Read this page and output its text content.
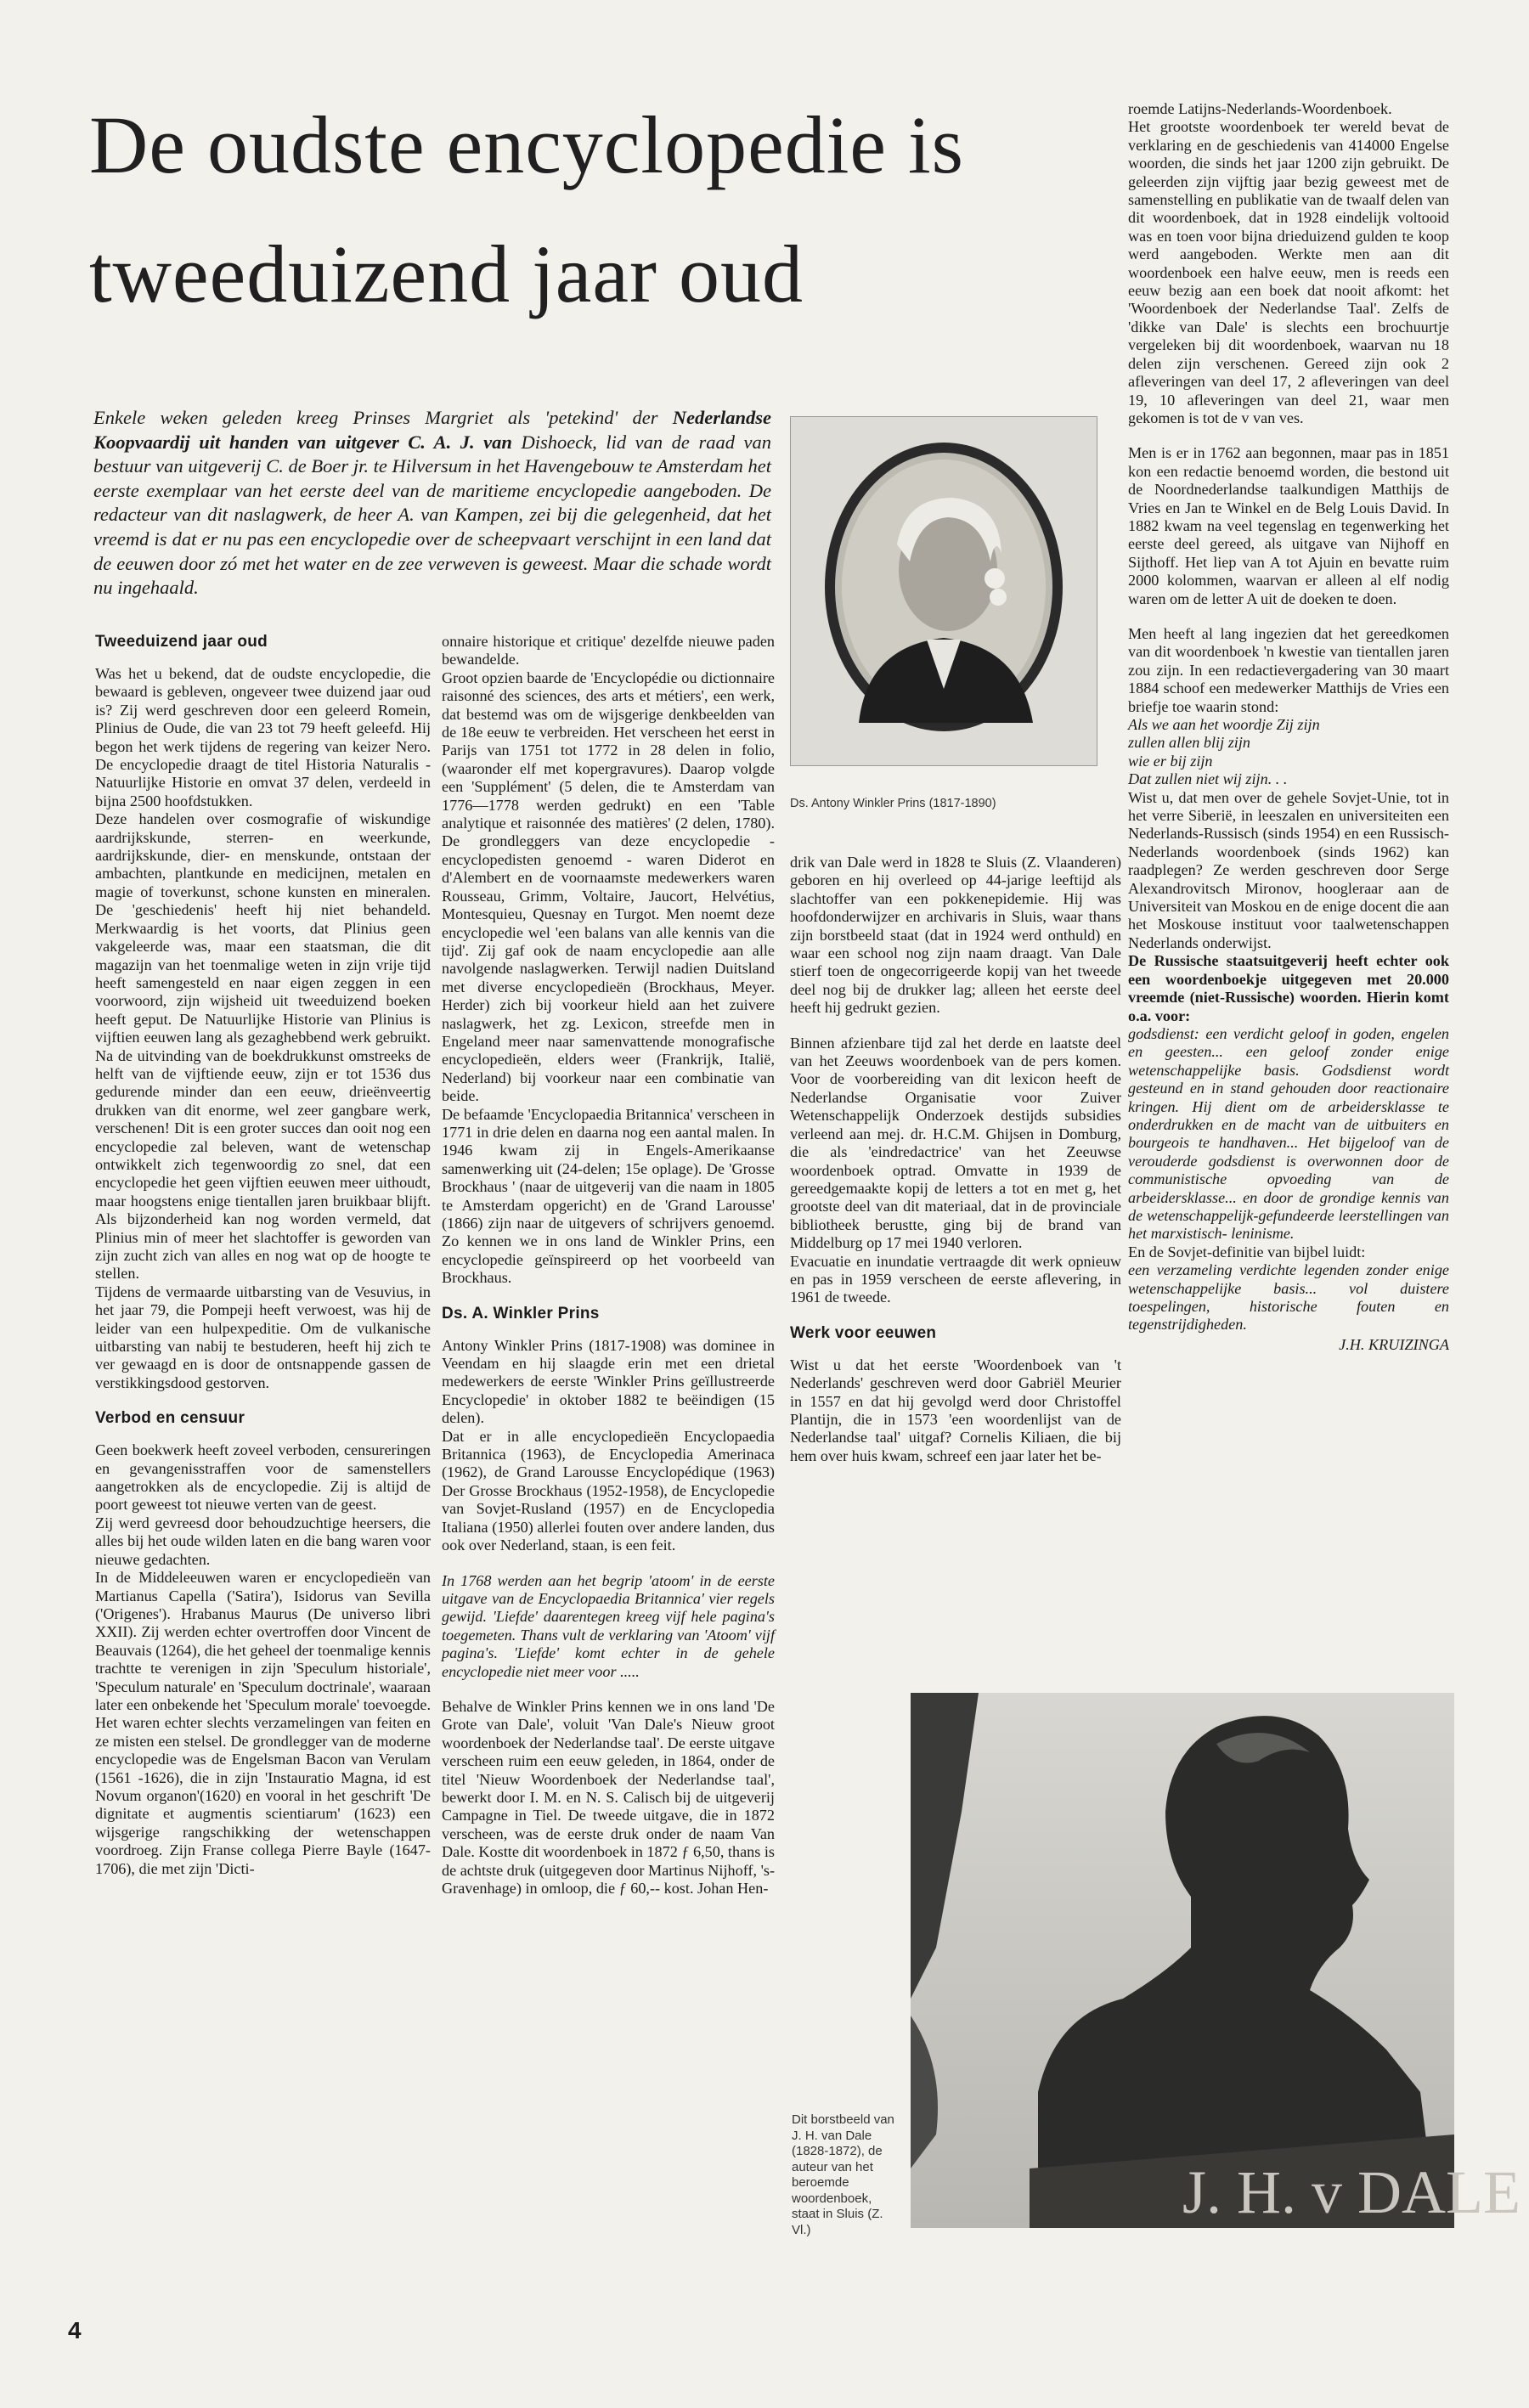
De oudste encyclopedie is
tweeduizend jaar oud
Enkele weken geleden kreeg Prinses Margriet als 'petekind' der Nederlandse Koopvaardij uit handen van uitgever C. A. J. van Dishoeck, lid van de raad van bestuur van uitgeverij C. de Boer jr. te Hilversum in het Havengebouw te Amsterdam het eerste exemplaar van het eerste deel van de maritieme encyclopedie aangeboden. De redacteur van dit naslagwerk, de heer A. van Kampen, zei bij die gelegenheid, dat het vreemd is dat er nu pas een encyclopedie over de scheepvaart verschijnt in een land dat de eeuwen door zó met het water en de zee verweven is geweest. Maar die schade wordt nu ingehaald.
Tweeduizend jaar oud

Was het u bekend, dat de oudste encyclopedie, die bewaard is gebleven, ongeveer twee duizend jaar oud is? Zij werd geschreven door een geleerd Romein, Plinius de Oude, die van 23 tot 79 heeft geleefd. Hij begon het werk tijdens de regering van keizer Nero. De encyclopedie draagt de titel Historia Naturalis - Natuurlijke Historie en omvat 37 delen, verdeeld in bijna 2500 hoofdstukken.

Deze handelen over cosmografie of wiskundige aardrijkskunde, sterren- en weerkunde, aardrijkskunde, dier- en menskunde, ontstaan der ambachten, plantkunde en medicijnen, metalen en magie of toverkunst, schone kunsten en mineralen. De 'geschiedenis' heeft hij niet behandeld. Merkwaardig is het voorts, dat Plinius geen vakgeleerde was, maar een staatsman, die dit magazijn van het toenmalige weten in zijn vrije tijd heeft samengesteld en naar eigen zeggen in een voorwoord, zijn wijsheid uit tweeduizend boeken heeft geput. De Natuurlijke Historie van Plinius is vijftien eeuwen lang als gezaghebbend werk gebruikt. Na de uitvinding van de boekdrukkunst omstreeks de helft van de vijftiende eeuw, zijn er tot 1536 dus gedurende minder dan een eeuw, drieënveertig drukken van dit enorme, wel zeer gangbare werk, verschenen! Dit is een groter succes dan ooit nog een encyclopedie zal beleven, want de wetenschap ontwikkelt zich tegenwoordig zo snel, dat een encyclopedie het geen vijftien eeuwen meer uithoudt, maar hoogstens enige tientallen jaren bruikbaar blijft. Als bijzonderheid kan nog worden vermeld, dat Plinius min of meer het slachtoffer is geworden van zijn zucht zich van alles en nog wat op de hoogte te stellen.

Tijdens de vermaarde uitbarsting van de Vesuvius, in het jaar 79, die Pompeji heeft verwoest, was hij de leider van een hulpexpeditie. Om de vulkanische uitbarsting van nabij te bestuderen, heeft hij zich te ver gewaagd en is door de ontsnappende gassen de verstikkingsdood gestorven.

Verbod en censuur

Geen boekwerk heeft zoveel verboden, censureringen en gevangenisstraffen voor de samenstellers aangetrokken als de encyclopedie. Zij is altijd de poort geweest tot nieuwe verten van de geest.

Zij werd gevreesd door behoudzuchtige heersers, die alles bij het oude wilden laten en die bang waren voor nieuwe gedachten.

In de Middeleeuwen waren er encyclopedieën van Martianus Capella ('Satira'), Isidorus van Sevilla ('Origenes'). Hrabanus Maurus (De universo libri XXII). Zij werden echter overtroffen door Vincent de Beauvais (1264), die het geheel der toenmalige kennis trachtte te verenigen in zijn 'Speculum historiale', 'Speculum naturale' en 'Speculum doctrinale', waaraan later een onbekende het 'Speculum morale' toevoegde. Het waren echter slechts verzamelingen van feiten en ze misten een stelsel. De grondlegger van de moderne encyclopedie was de Engelsman Bacon van Verulam (1561 -1626), die in zijn 'Instauratio Magna, id est Novum organon'(1620) en vooral in het geschrift 'De dignitate et augmentis scientiarum' (1623) een wijsgerige rangschikking der wetenschappen voordroeg. Zijn Franse collega Pierre Bayle (1647-1706), die met zijn 'Dicti-

onnaire historique et critique' dezelfde nieuwe paden bewandelde.

Groot opzien baarde de 'Encyclopédie ou dictionnaire raisonné des sciences, des arts et métiers', een werk, dat bestemd was om de wijsgerige denkbeelden van de 18e eeuw te verbreiden. Het verscheen het eerst in Parijs van 1751 tot 1772 in 28 delen in folio, (waaronder elf met kopergravures). Daarop volgde een 'Supplément' (5 delen, die te Amsterdam van 1776—1778 werden gedrukt) en een 'Table analytique et raisonnée des matières' (2 delen, 1780). De grondleggers van deze encyclopedie - encyclopedisten genoemd - waren Diderot en d'Alembert en de voornaamste medewerkers waren Rousseau, Grimm, Voltaire, Jaucort, Helvétius, Montesquieu, Quesnay en Turgot. Men noemt deze encyclopedie wel 'een balans van alle kennis van die tijd'. Zij gaf ook de naam encyclopedie aan alle navolgende naslagwerken. Terwijl nadien Duitsland met diverse encyclopedieën (Brockhaus, Meyer. Herder) zich bij voorkeur hield aan het zuivere naslagwerk, het zg. Lexicon, streefde men in Engeland meer naar samenvattende monografische encyclopedieën, elders weer (Frankrijk, Italië, Nederland) bij voorkeur naar een combinatie van beide.

De befaamde 'Encyclopaedia Britannica' verscheen in 1771 in drie delen en daarna nog een aantal malen. In 1946 kwam zij in Engels-Amerikaanse samenwerking uit (24-delen; 15e oplage). De 'Grosse Brockhaus ' (naar de uitgeverij van die naam in 1805 te Amsterdam opgericht) en de 'Grand Larousse' (1866) zijn naar de uitgevers of schrijvers genoemd. Zo kennen we in ons land de Winkler Prins, een encyclopedie geïnspireerd op het voorbeeld van Brockhaus.

Ds. A. Winkler Prins

Antony Winkler Prins (1817-1908) was dominee in Veendam en hij slaagde erin met een drietal medewerkers de eerste 'Winkler Prins geïllustreerde Encyclopedie' in oktober 1882 te beëindigen (15 delen).

Dat er in alle encyclopedieën Encyclopaedia Britannica (1963), de Encyclopedia Amerinaca (1962), de Grand Larousse Encyclopédique (1963) Der Grosse Brockhaus (1952-1958), de Encyclopedie van Sovjet-Rusland (1957) en de Encyclopedia Italiana (1950) allerlei fouten over andere landen, dus ook over Nederland, staan, is een feit.

In 1768 werden aan het begrip 'atoom' in de eerste uitgave van de Encyclopaedia Britannica' vier regels gewijd. 'Liefde' daarentegen kreeg vijf hele pagina's toegemeten. Thans vult de verklaring van 'Atoom' vijf pagina's. 'Liefde' komt echter in de gehele encyclopedie niet meer voor .....

Behalve de Winkler Prins kennen we in ons land 'De Grote van Dale', voluit 'Van Dale's Nieuw groot woordenboek der Nederlandse taal'. De eerste uitgave verscheen ruim een eeuw geleden, in 1864, onder de titel 'Nieuw Woordenboek der Nederlandse taal', bewerkt door I. M. en N. S. Calisch bij de uitgeverij Campagne in Tiel. De tweede uitgave, die in 1872 verscheen, was de eerste druk onder de naam Van Dale. Kostte dit woordenboek in 1872 ƒ 6,50, thans is de achtste druk (uitgegeven door Martinus Nijhoff, 's-Gravenhage) in omloop, die ƒ 60,-- kost. Johan Hen-

Ds. Antony Winkler Prins (1817-1890)

drik van Dale werd in 1828 te Sluis (Z. Vlaanderen) geboren en hij overleed op 44-jarige leeftijd als slachtoffer van een pokkenepidemie. Hij was hoofdonderwijzer en archivaris in Sluis, waar thans zijn borstbeeld staat (dat in 1924 werd onthuld) en waar een school nog zijn naam draagt. Van Dale stierf toen de ongecorrigeerde kopij van het tweede deel nog bij de drukker lag; alleen het eerste deel heeft hij gedrukt gezien.

Binnen afzienbare tijd zal het derde en laatste deel van het Zeeuws woordenboek van de pers komen. Voor de voorbereiding van dit lexicon heeft de Nederlandse Organisatie voor Zuiver Wetenschappelijk Onderzoek destijds subsidies verleend aan mej. dr. H.C.M. Ghijsen in Domburg, die als 'eindredactrice' van het Zeeuwse woordenboek optrad. Omvatte in 1939 de gereedgemaakte kopij de letters a tot en met g, het grootste deel van dit materiaal, dat in de provinciale bibliotheek berustte, ging bij de brand van Middelburg op 17 mei 1940 verloren.

Evacuatie en inundatie vertraagde dit werk opnieuw en pas in 1959 verscheen de eerste aflevering, in 1961 de tweede.

Werk voor eeuwen

Wist u dat het eerste 'Woordenboek van 't Nederlands' geschreven werd door Gabriël Meurier in 1557 en dat hij gevolgd werd door Christoffel Plantijn, die in 1573 'een woordenlijst van de Nederlandse taal' uitgaf? Cornelis Kiliaen, die bij hem over huis kwam, schreef een jaar later het be-

roemde Latijns-Nederlands-Woordenboek.

Het grootste woordenboek ter wereld bevat de verklaring en de geschiedenis van 414000 Engelse woorden, die sinds het jaar 1200 zijn gebruikt. De geleerden zijn vijftig jaar bezig geweest met de samenstelling en publikatie van de twaalf delen van dit woordenboek, dat in 1928 eindelijk voltooid was en toen voor bijna drieduizend gulden te koop werd aangeboden. Werkte men aan dit woordenboek een halve eeuw, men is reeds een eeuw bezig aan een boek dat nooit afkomt: het 'Woordenboek der Nederlandse Taal'. Zelfs de 'dikke van Dale' is slechts een brochuurtje vergeleken bij dit woordenboek, waarvan nu 18 delen zijn verschenen. Gereed zijn ook 2 afleveringen van deel 17, 2 afleveringen van deel 19, 10 afleveringen van deel 21, waar men gekomen is tot de v van ves.

Men is er in 1762 aan begonnen, maar pas in 1851 kon een redactie benoemd worden, die bestond uit de Noordnederlandse taalkundigen Matthijs de Vries en Jan te Winkel en de Belg Louis David. In 1882 kwam na veel tegenslag en tegenwerking het eerste deel gereed, als uitgave van Nijhoff en Sijthoff. Het liep van A tot Ajuin en bevatte ruim 2000 kolommen, waarvan er alleen al elf nodig waren om de letter A uit de doeken te doen.

Men heeft al lang ingezien dat het gereedkomen van dit woordenboek 'n kwestie van tientallen jaren zou zijn. In een redactievergadering van 30 maart 1884 schoof een medewerker Matthijs de Vries een briefje toe waarin stond:

Als we aan het woordje Zij zijn
zullen allen blij zijn
wie er bij zijn
Dat zullen niet wij zijn. . .

Wist u, dat men over de gehele Sovjet-Unie, tot in het verre Siberië, in leeszalen en universiteiten een Nederlands-Russisch (sinds 1954) en een Russisch-Nederlands woordenboek (sinds 1962) kan raadplegen? Ze werden geschreven door Serge Alexandrovitsch Mironov, hoogleraar aan de Universiteit van Moskou en de enige docent die aan het Moskouse instituut voor taalwetenschappen Nederlands onderwijst.

De Russische staatsuitgeverij heeft echter ook een woordenboekje uitgegeven met 20.000 vreemde (niet-Russische) woorden. Hierin komt o.a. voor:

godsdienst: een verdicht geloof in goden, engelen en geesten... een geloof zonder enige wetenschappelijke basis. Godsdienst wordt gesteund en in stand gehouden door reactionaire kringen. Hij dient om de arbeidersklasse te onderdrukken en de macht van de uitbuiters en bourgeois te handhaven... Het bijgeloof van de verouderde godsdienst is overwonnen door de communistische opvoeding van de arbeidersklasse... en door de grondige kennis van de wetenschappelijk-gefundeerde leerstellingen van het marxistisch- leninisme.

En de Sovjet-definitie van bijbel luidt:

een verzameling verdichte legenden zonder enige wetenschappelijke basis... vol duistere toespelingen, historische fouten en tegenstrijdigheden.

J.H. KRUIZINGA
J. H. v DALE
Dit borstbeeld van J. H. van Dale (1828-1872), de auteur van het beroemde woordenboek, staat in Sluis (Z. Vl.)
4
